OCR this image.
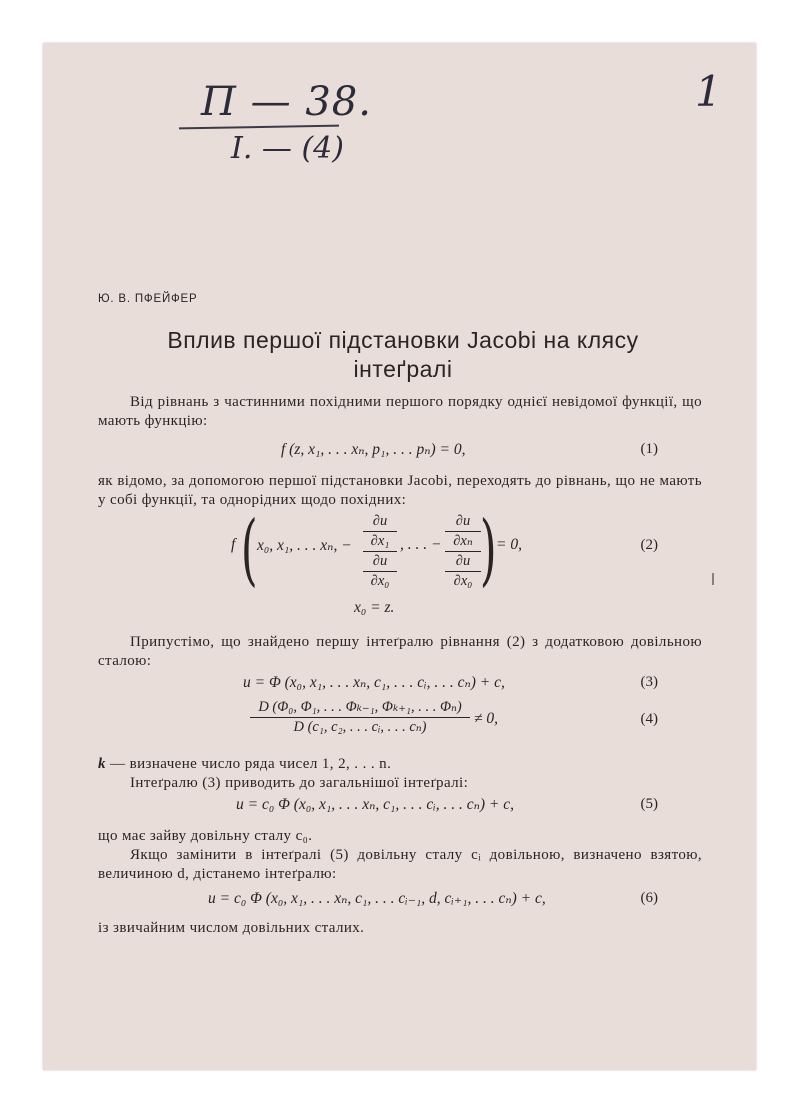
П — 38.
I. — (4)
1
Ю. В. ПФЕЙФЕР
Вплив першої підстановки Jacobi на клясу
інтеґралі
Від рівнань з частинними похідними першого порядку однієї невідомої функції, що мають функцію:
f (z, x₁, . . . xₙ, p₁, . . . pₙ) = 0,	(1)
як відомо, за допомогою першої підстановки Jacobi, переходять до рівнань, що не мають у собі функції, та однорідних щодо похідних:
f ( x₀, x₁, . . . xₙ, −
∂u
∂x₁
∂u
∂x₀
, . . . −
∂u
∂xₙ
∂u
∂x₀ ) = 0,	(2)
x₀ = z.
Припустімо, що знайдено першу інтеґралю рівнання (2) з додатковою довільною сталою:
u = Φ (x₀, x₁, . . . xₙ, c₁, . . . cᵢ, . . . cₙ) + c,	(3)
D (Φ₀, Φ₁, . . . Φₖ₋₁, Φₖ₊₁, . . . Φₙ)
D (c₁, c₂, . . . cᵢ, . . . cₙ)	≠ 0,	(4)
k — визначене число ряда чисел 1, 2, . . . n.
Інтеґралю (3) приводить до загальнішої інтеґралі:
u = c₀ Φ (x₀, x₁, . . . xₙ, c₁, . . . cᵢ, . . . cₙ) + c,	(5)
що має зайву довільну сталу c₀.
Якщо замінити в інтеґралі (5) довільну сталу cᵢ довільною, визначено взятою, величиною d, дістанемо інтеґралю:
u = c₀ Φ (x₀, x₁, . . . xₙ, c₁, . . . cᵢ₋₁, d, cᵢ₊₁, . . . cₙ) + c,	(6)
із звичайним числом довільних сталих.
